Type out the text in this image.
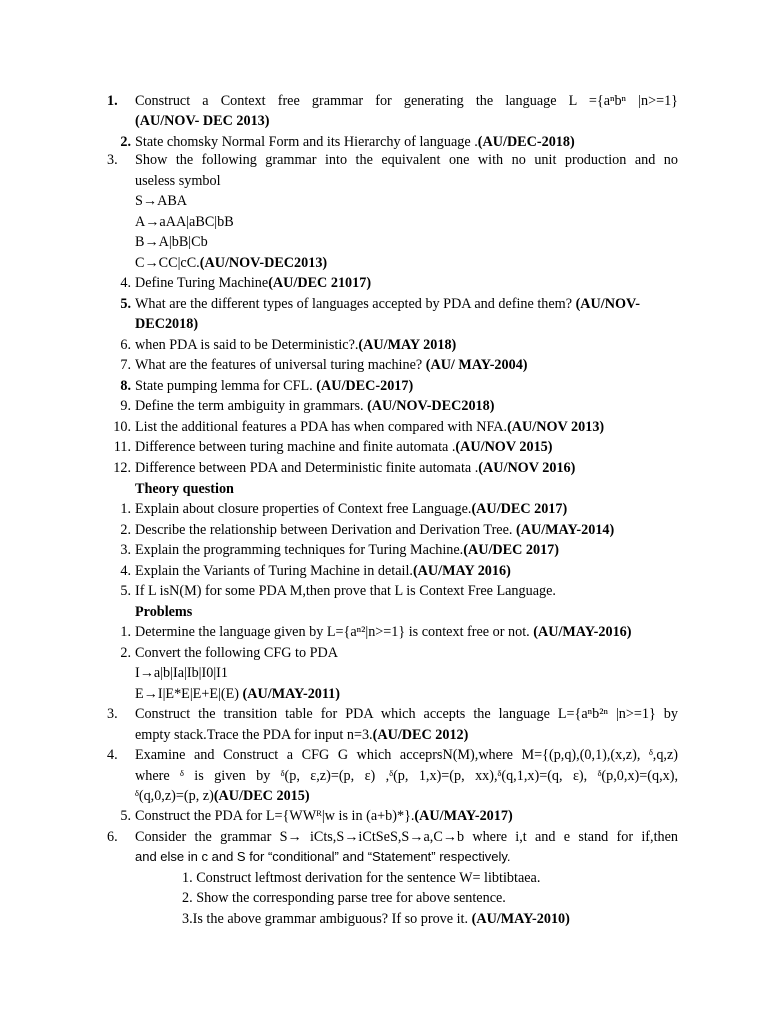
1.	Construct a Context free grammar for generating the language L ={aⁿbⁿ |n>=1}
(AU/NOV- DEC 2013)
2. State chomsky Normal Form and its Hierarchy of language .(AU/DEC-2018)
3.	Show the following grammar into the equivalent one with no unit production and no
useless symbol
S→ABA
A→aAA|aBC|bB
B→A|bB|Cb
C→CC|cC.(AU/NOV-DEC2013)
4. Define Turing Machine(AU/DEC 21017)
5. What are the different types of languages accepted by PDA and define them? (AU/NOV-
DEC2018)
6. when PDA is said to be Deterministic?.(AU/MAY 2018)
7. What are the features of universal turing machine? (AU/ MAY-2004)
8. State pumping lemma for CFL. (AU/DEC-2017)
9. Define the term ambiguity in grammars. (AU/NOV-DEC2018)
10. List the additional features a PDA has when compared with NFA.(AU/NOV 2013)
11. Difference between turing machine and finite automata .(AU/NOV 2015)
12. Difference between PDA and Deterministic finite automata .(AU/NOV 2016)
Theory question
1. Explain about closure properties of Context free Language.(AU/DEC 2017)
2. Describe the relationship between Derivation and Derivation Tree. (AU/MAY-2014)
3. Explain the programming techniques for Turing Machine.(AU/DEC 2017)
4. Explain the Variants of Turing Machine in detail.(AU/MAY 2016)
5. If L isN(M) for some PDA M,then prove that L is Context Free Language.
Problems
1. Determine the language given by L={aⁿ²|n>=1} is context free or not. (AU/MAY-2016)
2. Convert the following CFG to PDA
I→a|b|Ia|Ib|I0|I1
E→I|E*E|E+E|(E) (AU/MAY-2011)
3.	Construct the transition table for PDA which accepts the language L={aⁿb²ⁿ |n>=1} by
empty stack.Trace the PDA for input n=3.(AU/DEC 2012)
4.	Examine and Construct a CFG G which acceprsN(M),where M={(p,q),(0,1),(x,z), ᵟ,q,z)
where ᵟ is given by ᵟ(p, ε,z)=(p, ε) ,ᵟ(p, 1,x)=(p, xx),ᵟ(q,1,x)=(q, ε), ᵟ(p,0,x)=(q,x),
ᵟ(q,0,z)=(p, z)(AU/DEC 2015)
5. Construct the PDA for L={WWᴿ|w is in (a+b)*}.(AU/MAY-2017)
6.	Consider the grammar S→ iCts,S→iCtSeS,S→a,C→b where i,t and e stand for if,then
and else in c and S for “conditional” and “Statement” respectively.
1. Construct leftmost derivation for the sentence W= libtibtaea.
2. Show the corresponding parse tree for above sentence.
3.Is the above grammar ambiguous? If so prove it. (AU/MAY-2010)
